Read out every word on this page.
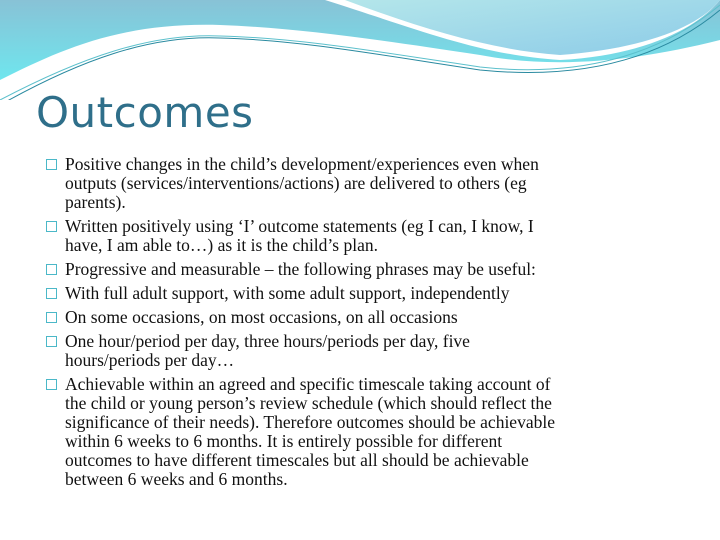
Outcomes
Positive changes in the child’s development/experiences even when
outputs (services/interventions/actions) are delivered to others (eg
parents).
Written positively using ‘I’ outcome statements (eg I can, I know, I
have, I am able to…) as it is the child’s plan.
Progressive and measurable – the following phrases may be useful:
With full adult support, with some adult support, independently
On some occasions, on most occasions, on all occasions
One hour/period per day, three hours/periods per day, five
hours/periods per day…
Achievable within an agreed and specific timescale taking account of
the child or young person’s review schedule (which should reflect the
significance of their needs). Therefore outcomes should be achievable
within 6 weeks to 6 months. It is entirely possible for different
outcomes to have different timescales but all should be achievable
between 6 weeks and 6 months.
